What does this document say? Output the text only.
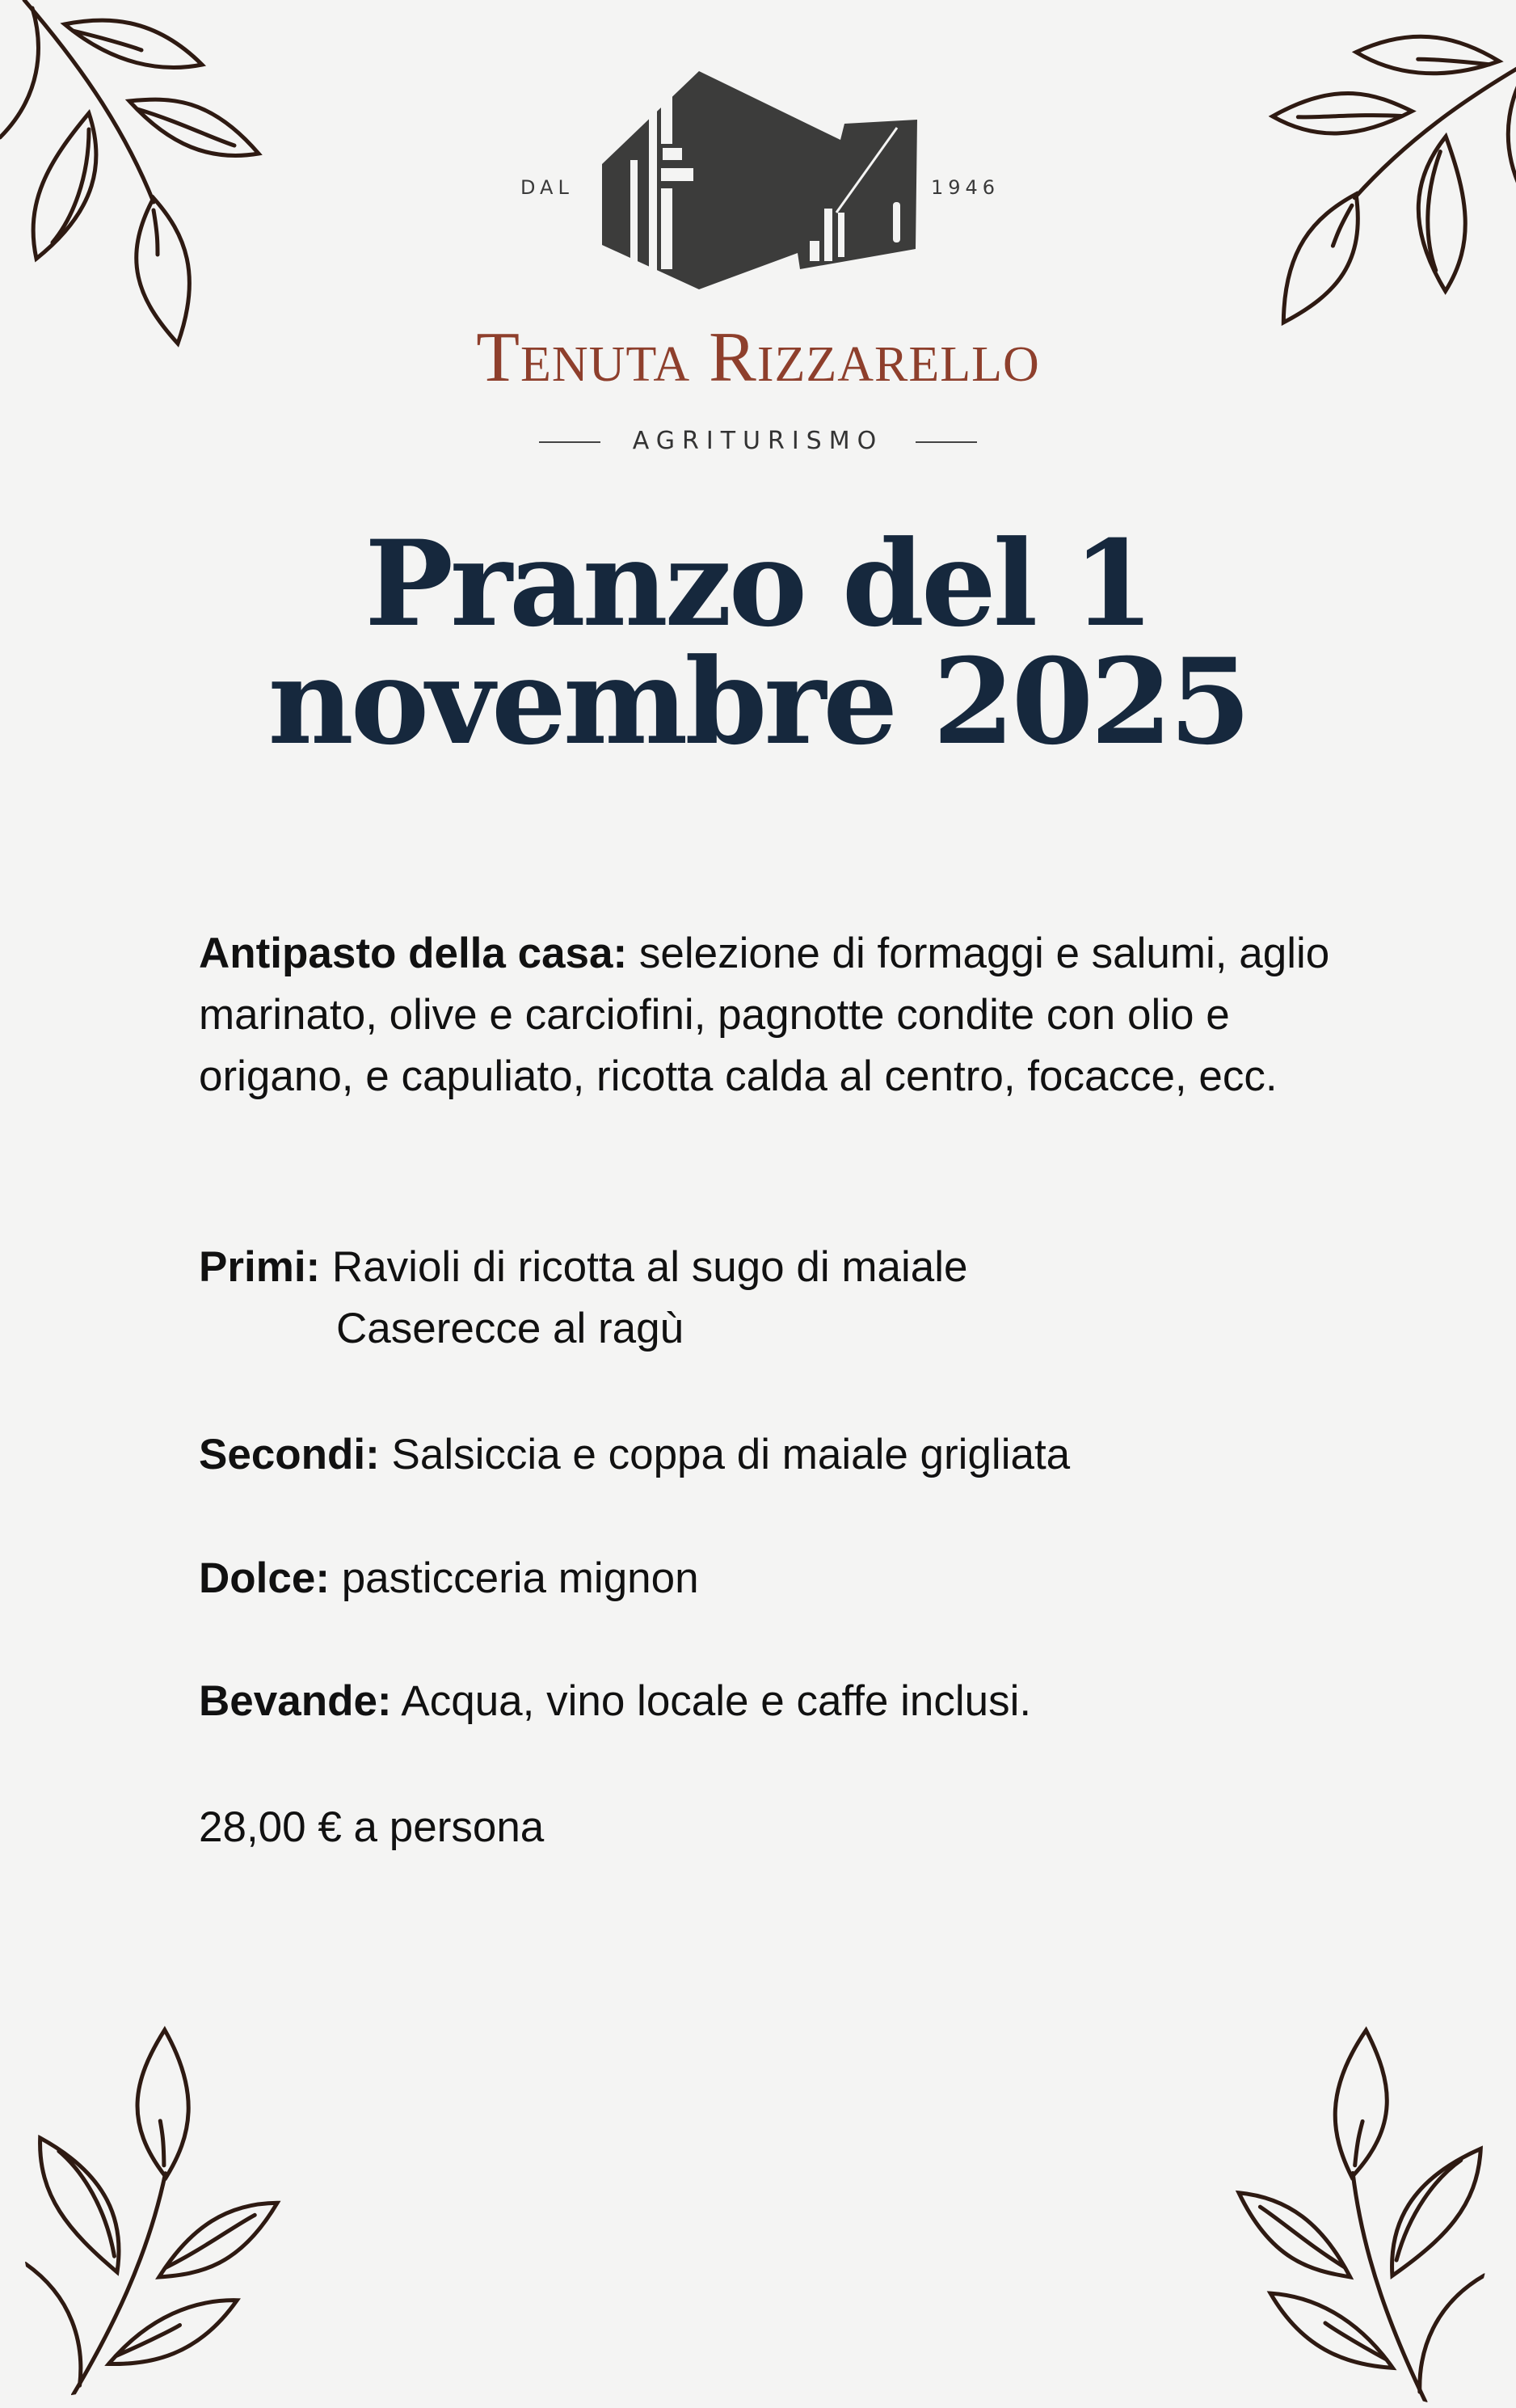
DAL	1946
Tenuta Rizzarello
AGRITURISMO
Pranzo del 1
novembre 2025
Antipasto della casa: selezione di formaggi e salumi, aglio marinato, olive e carciofini, pagnotte condite con olio e origano, e capuliato, ricotta calda al centro, focacce, ecc.
Primi: Ravioli di ricotta al sugo di maiale
Caserecce al ragù
Secondi: Salsiccia e coppa di maiale grigliata
Dolce: pasticceria mignon
Bevande: Acqua, vino locale e caffe inclusi.
28,00 € a persona
